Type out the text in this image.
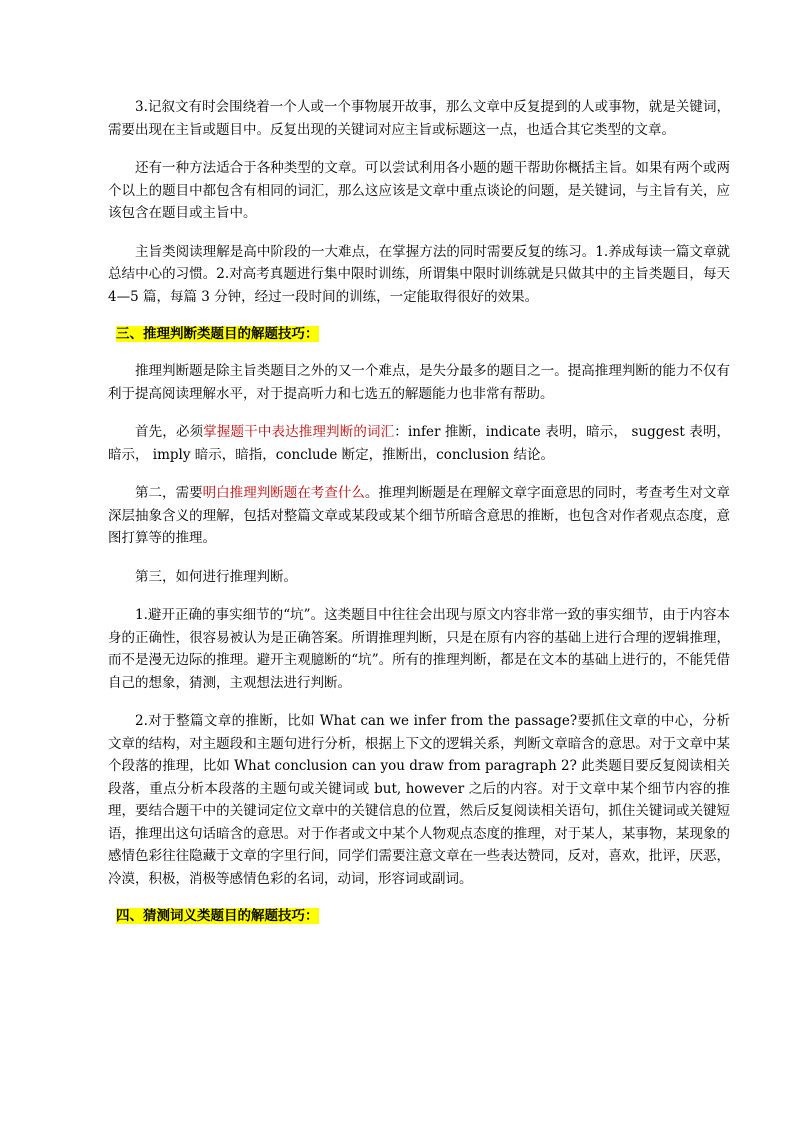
3.记叙文有时会围绕着一个人或一个事物展开故事，那么文章中反复提到的人或事物，就是关键词，需要出现在主旨或题目中。反复出现的关键词对应主旨或标题这一点，也适合其它类型的文章。

还有一种方法适合于各种类型的文章。可以尝试利用各小题的题干帮助你概括主旨。如果有两个或两个以上的题目中都包含有相同的词汇，那么这应该是文章中重点谈论的问题，是关键词，与主旨有关，应该包含在题目或主旨中。

主旨类阅读理解是高中阶段的一大难点，在掌握方法的同时需要反复的练习。1.养成每读一篇文章就总结中心的习惯。2.对高考真题进行集中限时训练，所谓集中限时训练就是只做其中的主旨类题目，每天 4—5 篇，每篇 3 分钟，经过一段时间的训练，一定能取得很好的效果。

三、推理判断类题目的解题技巧：

推理判断题是除主旨类题目之外的又一个难点，是失分最多的题目之一。提高推理判断的能力不仅有利于提高阅读理解水平，对于提高听力和七选五的解题能力也非常有帮助。

首先，必须掌握题干中表达推理判断的词汇：infer 推断，indicate 表明，暗示， suggest 表明，暗示， imply 暗示，暗指，conclude 断定，推断出，conclusion 结论。

第二，需要明白推理判断题在考查什么。推理判断题是在理解文章字面意思的同时，考查考生对文章深层抽象含义的理解，包括对整篇文章或某段或某个细节所暗含意思的推断，也包含对作者观点态度，意图打算等的推理。

第三，如何进行推理判断。

1.避开正确的事实细节的“坑”。这类题目中往往会出现与原文内容非常一致的事实细节，由于内容本身的正确性，很容易被认为是正确答案。所谓推理判断，只是在原有内容的基础上进行合理的逻辑推理，而不是漫无边际的推理。避开主观臆断的“坑”。所有的推理判断，都是在文本的基础上进行的，不能凭借自己的想象，猜测，主观想法进行判断。

2.对于整篇文章的推断，比如 What can we infer from the passage?要抓住文章的中心，分析文章的结构，对主题段和主题句进行分析，根据上下文的逻辑关系，判断文章暗含的意思。对于文章中某个段落的推理，比如 What conclusion can you draw from paragraph 2? 此类题目要反复阅读相关段落，重点分析本段落的主题句或关键词或 but, however 之后的内容。对于文章中某个细节内容的推理，要结合题干中的关键词定位文章中的关键信息的位置，然后反复阅读相关语句，抓住关键词或关键短语，推理出这句话暗含的意思。对于作者或文中某个人物观点态度的推理，对于某人，某事物，某现象的感情色彩往往隐藏于文章的字里行间，同学们需要注意文章在一些表达赞同，反对，喜欢，批评，厌恶，冷漠，积极，消极等感情色彩的名词，动词，形容词或副词。

四、猜测词义类题目的解题技巧：
